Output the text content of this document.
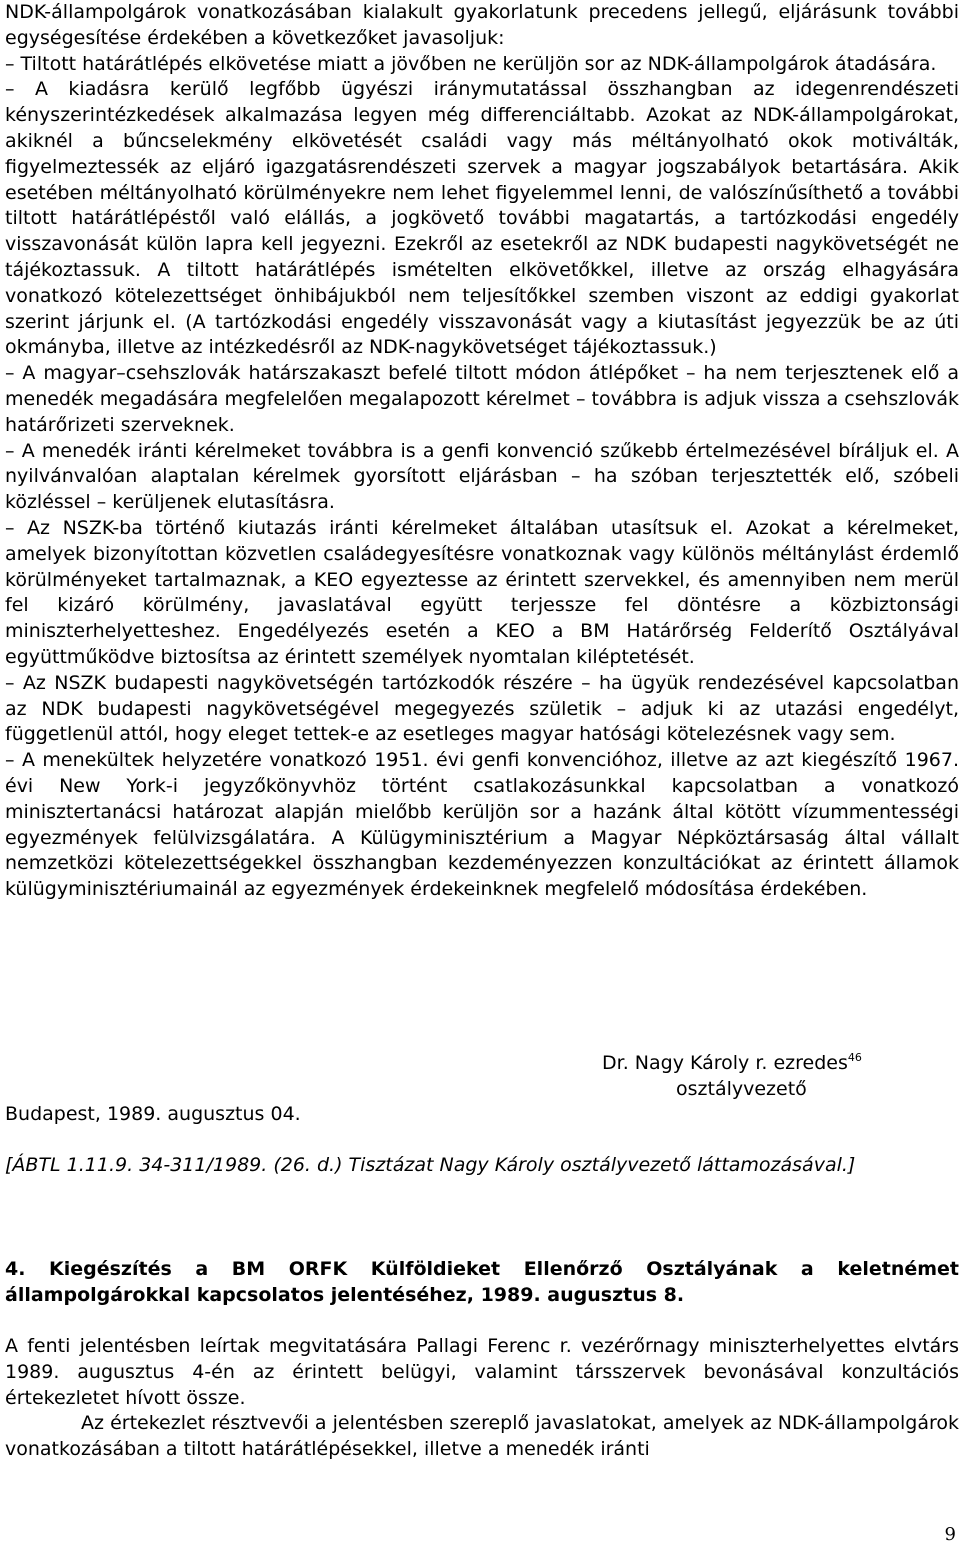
NDK-állampolgárok vonatkozásában kialakult gyakorlatunk precedens jellegű, eljárásunk további egységesítése érdekében a következőket javasoljuk:

– Tiltott határátlépés elkövetése miatt a jövőben ne kerüljön sor az NDK-állampolgárok átadására.

– A kiadásra kerülő legfőbb ügyészi iránymutatással összhangban az idegenrendészeti kényszerintézkedések alkalmazása legyen még differenciáltabb. Azokat az NDK-állampolgárokat, akiknél a bűncselekmény elkövetését családi vagy más méltányolható okok motiválták, figyelmeztessék az eljáró igazgatásrendészeti szervek a magyar jogszabályok betartására. Akik esetében méltányolható körülményekre nem lehet figyelemmel lenni, de valószínűsíthető a további tiltott határátlépéstől való elállás, a jogkövető további magatartás, a tartózkodási engedély visszavonását külön lapra kell jegyezni. Ezekről az esetekről az NDK budapesti nagykövetségét ne tájékoztassuk. A tiltott határátlépés ismételten elkövetőkkel, illetve az ország elhagyására vonatkozó kötelezettséget önhibájukból nem teljesítőkkel szemben viszont az eddigi gyakorlat szerint járjunk el. (A tartózkodási engedély visszavonását vagy a kiutasítást jegyezzük be az úti okmányba, illetve az intézkedésről az NDK-nagykövetséget tájékoztassuk.)

– A magyar–csehszlovák határszakaszt befelé tiltott módon átlépőket – ha nem terjesztenek elő a menedék megadására megfelelően megalapozott kérelmet – továbbra is adjuk vissza a csehszlovák határőrizeti szerveknek.

– A menedék iránti kérelmeket továbbra is a genfi konvenció szűkebb értelmezésével bíráljuk el. A nyilvánvalóan alaptalan kérelmek gyorsított eljárásban – ha szóban terjesztették elő, szóbeli közléssel – kerüljenek elutasításra.

– Az NSZK-ba történő kiutazás iránti kérelmeket általában utasítsuk el. Azokat a kérelmeket, amelyek bizonyítottan közvetlen családegyesítésre vonatkoznak vagy különös méltánylást érdemlő körülményeket tartalmaznak, a KEO egyeztesse az érintett szervekkel, és amennyiben nem merül fel kizáró körülmény, javaslatával együtt terjessze fel döntésre a közbiztonsági miniszterhelyetteshez. Engedélyezés esetén a KEO a BM Határőrség Felderítő Osztályával együttműködve biztosítsa az érintett személyek nyomtalan kiléptetését.

– Az NSZK budapesti nagykövetségén tartózkodók részére – ha ügyük rendezésével kapcsolatban az NDK budapesti nagykövetségével megegyezés születik – adjuk ki az utazási engedélyt, függetlenül attól, hogy eleget tettek-e az esetleges magyar hatósági kötelezésnek vagy sem.

– A menekültek helyzetére vonatkozó 1951. évi genfi konvencióhoz, illetve az azt kiegészítő 1967. évi New York-i jegyzőkönyvhöz történt csatlakozásunkkal kapcsolatban a vonatkozó minisztertanácsi határozat alapján mielőbb kerüljön sor a hazánk által kötött vízummentességi egyezmények felülvizsgálatára. A Külügyminisztérium a Magyar Népköztársaság által vállalt nemzetközi kötelezettségekkel összhangban kezdeményezzen konzultációkat az érintett államok külügyminisztériumainál az egyezmények érdekeinknek megfelelő módosítása érdekében.

Dr. Nagy Károly r. ezredes$^{46}$
osztályvezető
Budapest, 1989. augusztus 04.
[ÁBTL 1.11.9. 34-311/1989. (26. d.) Tisztázat Nagy Károly osztályvezető láttamozásával.]
4. Kiegészítés a BM ORFK Külföldieket Ellenőrző Osztályának a keletnémet állampolgárokkal kapcsolatos jelentéséhez, 1989. augusztus 8.

A fenti jelentésben leírtak megvitatására Pallagi Ferenc r. vezérőrnagy miniszterhelyettes elvtárs 1989. augusztus 4-én az érintett belügyi, valamint társszervek bevonásával konzultációs értekezletet hívott össze.

Az értekezlet résztvevői a jelentésben szereplő javaslatokat, amelyek az NDK-állampolgárok vonatkozásában a tiltott határátlépésekkel, illetve a menedék iránti

9
